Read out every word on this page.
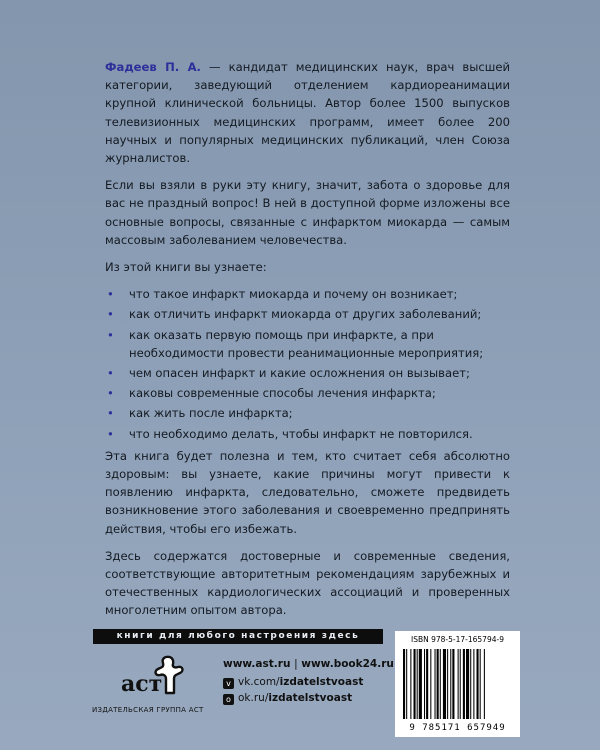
Фадеев П. А. — кандидат медицинских наук, врач высшей категории, заведующий отделением кардиореанимации крупной клинической больницы. Автор более 1500 выпусков телевизионных медицинских программ, имеет более 200 научных и популярных медицинских публикаций, член Союза журналистов.

Если вы взяли в руки эту книгу, значит, забота о здоровье для вас не праздный вопрос! В ней в доступной форме изложены все основные вопросы, связанные с инфарктом миокарда — самым массовым заболеванием человечества.

Из этой книги вы узнаете:

• что такое инфаркт миокарда и почему он возникает;
• как отличить инфаркт миокарда от других заболеваний;
• как оказать первую помощь при инфаркте, а при необходимости провести реанимационные мероприятия;
• чем опасен инфаркт и какие осложнения он вызывает;
• каковы современные способы лечения инфаркта;
• как жить после инфаркта;
• что необходимо делать, чтобы инфаркт не повторился.

Эта книга будет полезна и тем, кто считает себя абсолютно здоровым: вы узнаете, какие причины могут привести к появлению инфаркта, следовательно, сможете предвидеть возникновение этого заболевания и своевременно предпринять действия, чтобы его избежать.

Здесь содержатся достоверные и современные сведения, соответствующие авторитетным рекомендациям зарубежных и отечественных кардиологических ассоциаций и проверенных многолетним опытом автора.

книги для любого настроения здесь
аст
ИЗДАТЕЛЬСКАЯ ГРУППА АСТ
www.ast.ru | www.book24.ru
v vk.com/izdatelstvoast
o ok.ru/izdatelstvoast
ISBN 978-5-17-165794-9
9 785171 657949
